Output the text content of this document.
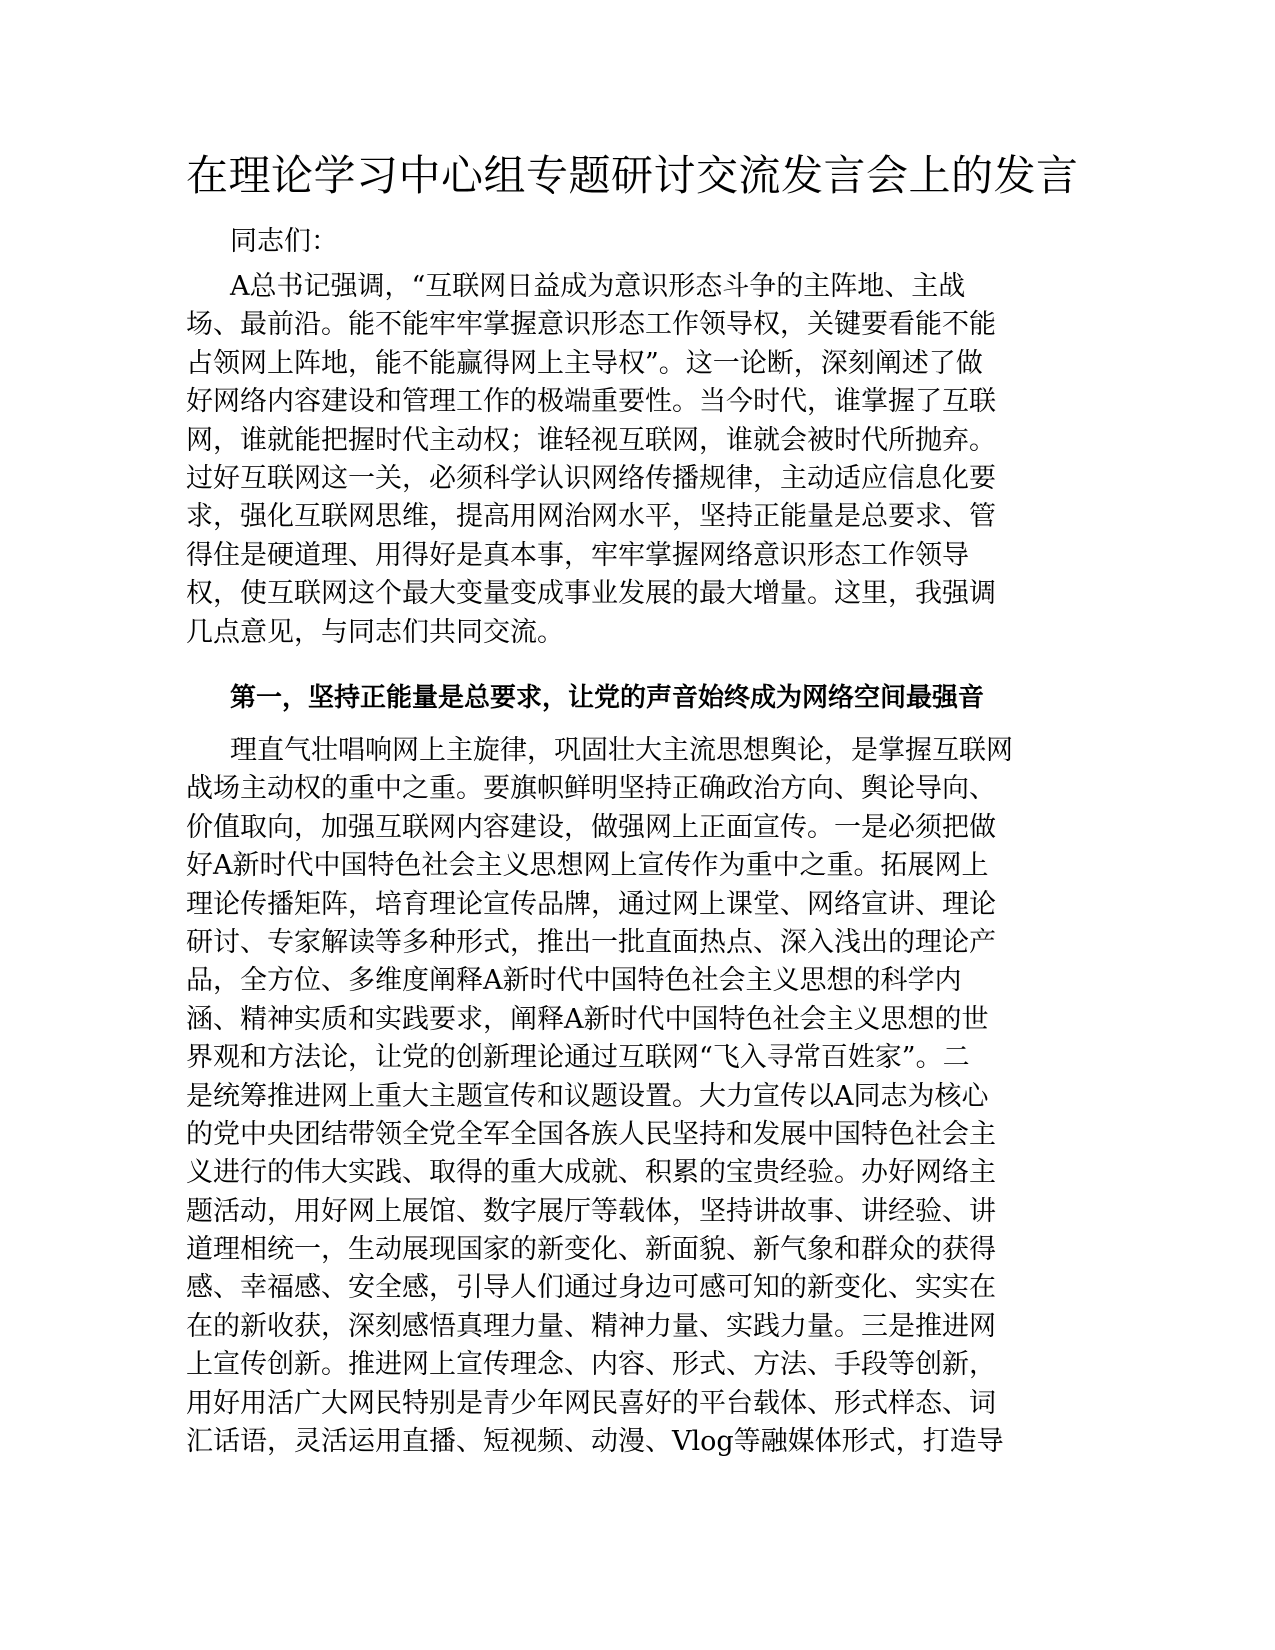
在理论学习中心组专题研讨交流发言会上的发言

同志们：

A总书记强调，“互联网日益成为意识形态斗争的主阵地、主战
场、最前沿。能不能牢牢掌握意识形态工作领导权，关键要看能不能
占领网上阵地，能不能赢得网上主导权”。这一论断，深刻阐述了做
好网络内容建设和管理工作的极端重要性。当今时代，谁掌握了互联
网，谁就能把握时代主动权；谁轻视互联网，谁就会被时代所抛弃。
过好互联网这一关，必须科学认识网络传播规律，主动适应信息化要
求，强化互联网思维，提高用网治网水平，坚持正能量是总要求、管
得住是硬道理、用得好是真本事，牢牢掌握网络意识形态工作领导
权，使互联网这个最大变量变成事业发展的最大增量。这里，我强调
几点意见，与同志们共同交流。
第一，坚持正能量是总要求，让党的声音始终成为网络空间最强音
理直气壮唱响网上主旋律，巩固壮大主流思想舆论，是掌握互联网
战场主动权的重中之重。要旗帜鲜明坚持正确政治方向、舆论导向、
价值取向，加强互联网内容建设，做强网上正面宣传。一是必须把做
好A新时代中国特色社会主义思想网上宣传作为重中之重。拓展网上
理论传播矩阵，培育理论宣传品牌，通过网上课堂、网络宣讲、理论
研讨、专家解读等多种形式，推出一批直面热点、深入浅出的理论产
品，全方位、多维度阐释A新时代中国特色社会主义思想的科学内
涵、精神实质和实践要求，阐释A新时代中国特色社会主义思想的世
界观和方法论，让党的创新理论通过互联网“飞入寻常百姓家”。二
是统筹推进网上重大主题宣传和议题设置。大力宣传以A同志为核心
的党中央团结带领全党全军全国各族人民坚持和发展中国特色社会主
义进行的伟大实践、取得的重大成就、积累的宝贵经验。办好网络主
题活动，用好网上展馆、数字展厅等载体，坚持讲故事、讲经验、讲
道理相统一，生动展现国家的新变化、新面貌、新气象和群众的获得
感、幸福感、安全感，引导人们通过身边可感可知的新变化、实实在
在的新收获，深刻感悟真理力量、精神力量、实践力量。三是推进网
上宣传创新。推进网上宣传理念、内容、形式、方法、手段等创新，
用好用活广大网民特别是青少年网民喜好的平台载体、形式样态、词
汇话语，灵活运用直播、短视频、动漫、Vlog等融媒体形式，打造导
